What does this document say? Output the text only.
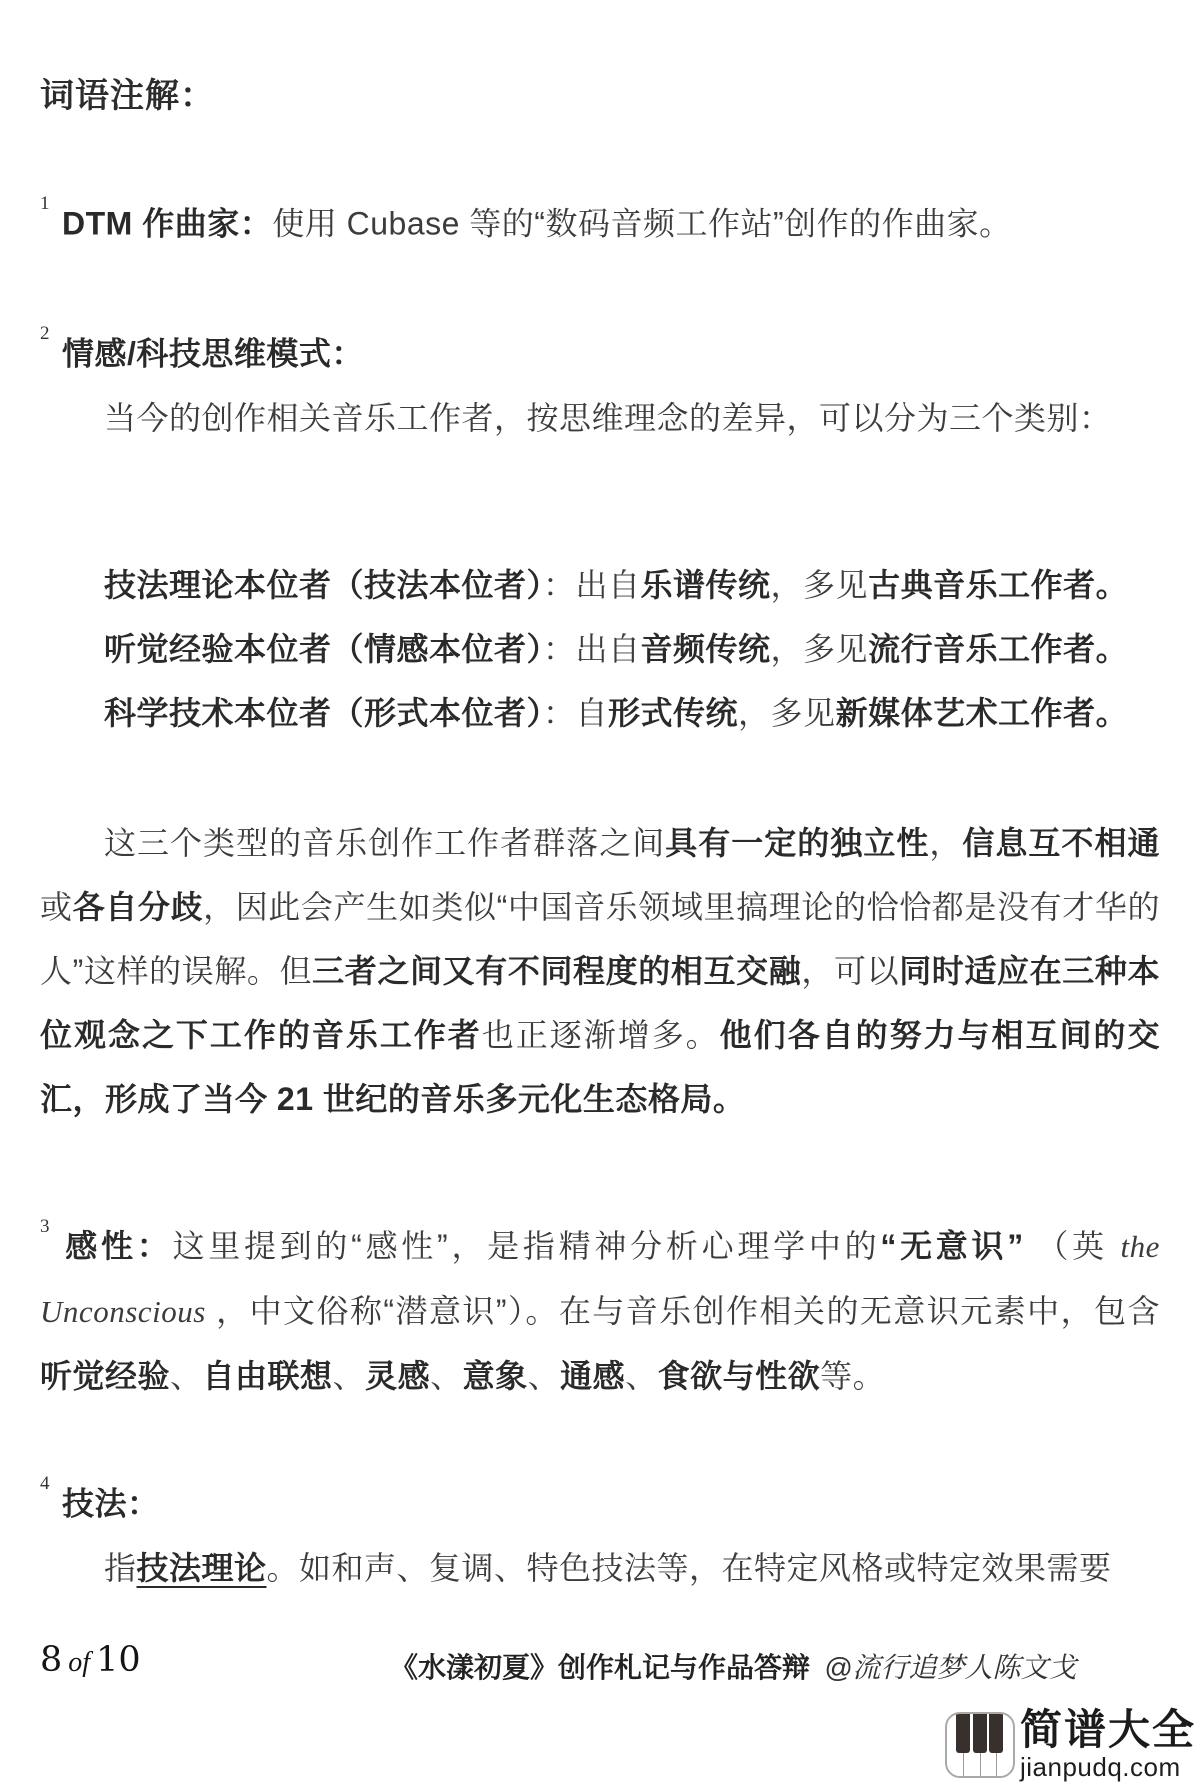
词语注解：

$^1$DTM 作曲家：使用 Cubase 等的“数码音频工作站”创作的作曲家。

$^2$情感/科技思维模式：

当今的创作相关音乐工作者，按思维理念的差异，可以分为三个类别：

技法理论本位者（技法本位者）：出自乐谱传统，多见古典音乐工作者。

听觉经验本位者（情感本位者）：出自音频传统，多见流行音乐工作者。

科学技术本位者（形式本位者）：自形式传统，多见新媒体艺术工作者。

这三个类型的音乐创作工作者群落之间具有一定的独立性，信息互不相通或各自分歧，因此会产生如类似“中国音乐领域里搞理论的恰恰都是没有才华的人”这样的误解。但三者之间又有不同程度的相互交融，可以同时适应在三种本位观念之下工作的音乐工作者也正逐渐增多。他们各自的努力与相互间的交汇，形成了当今 21 世纪的音乐多元化生态格局。

$^3$感性：这里提到的“感性”，是指精神分析心理学中的“无意识” （英 the Unconscious ，中文俗称“潜意识”）。在与音乐创作相关的无意识元素中，包含听觉经验、自由联想、灵感、意象、通感、食欲与性欲等。

$^4$技法：

指技法理论。如和声、复调、特色技法等，在特定风格或特定效果需要

8 of 10	《水漾初夏》创作札记与作品答辩 @流行追梦人陈文戈
简谱大全
jianpudq.com
